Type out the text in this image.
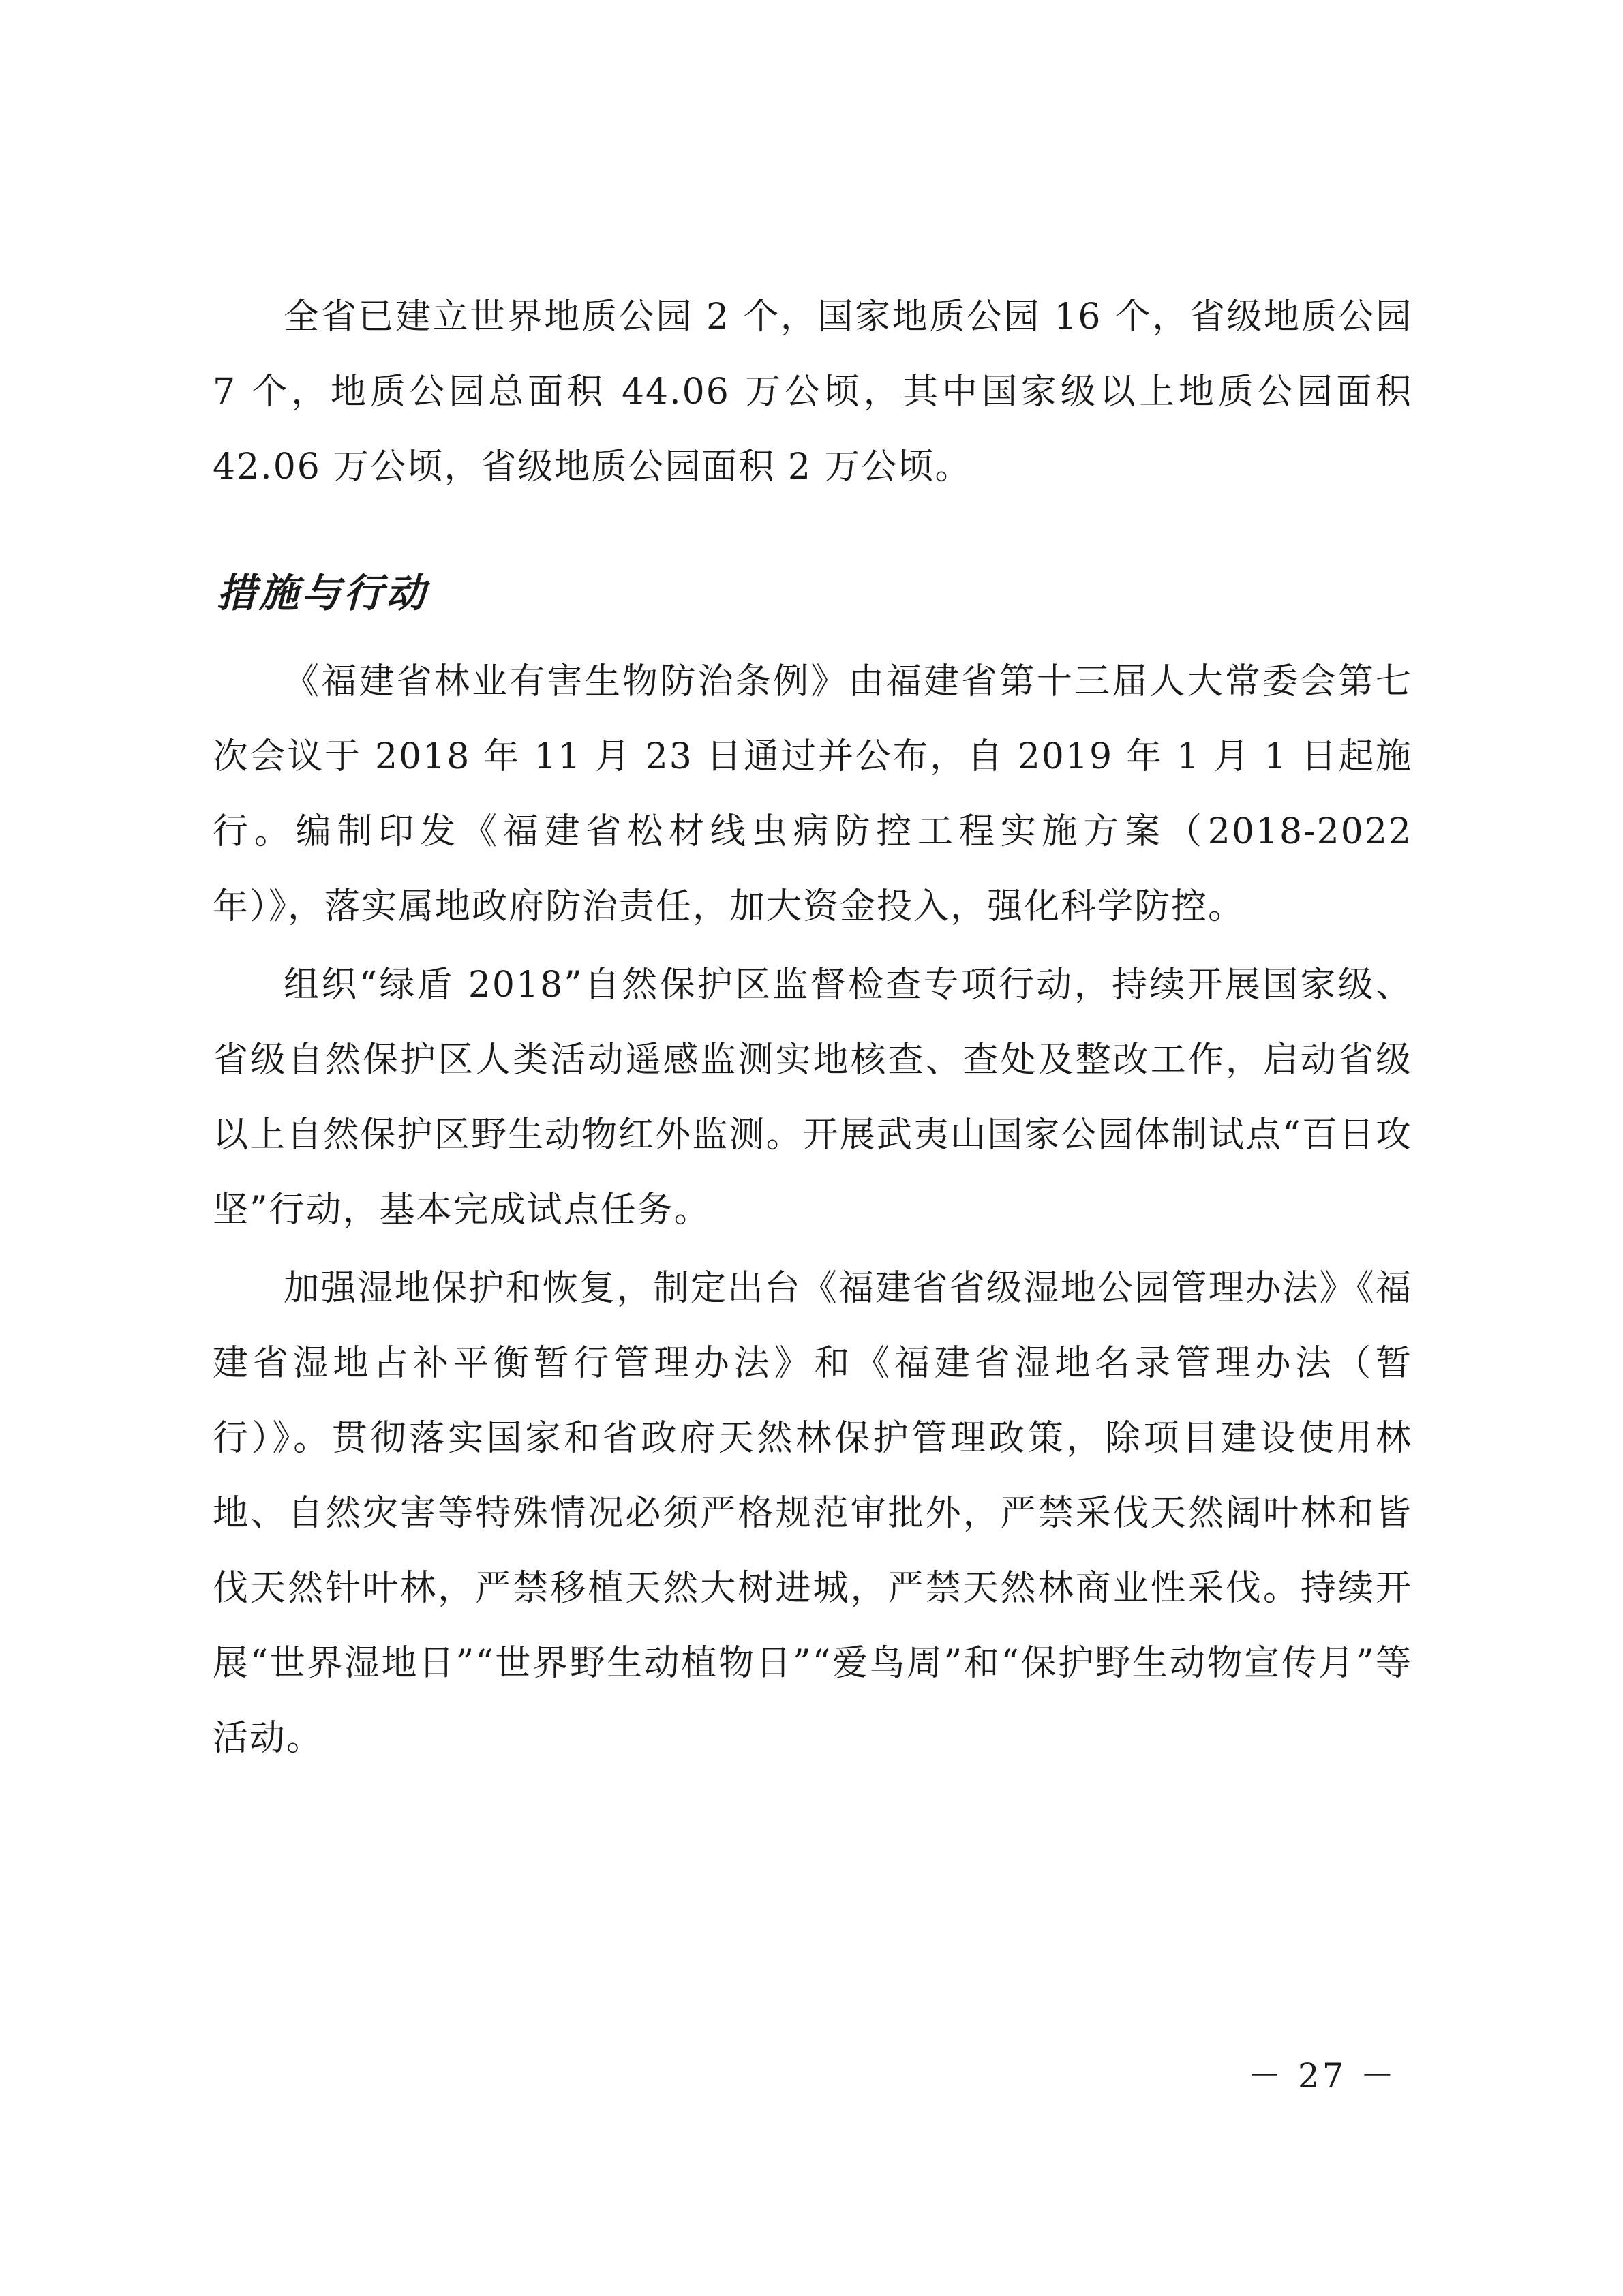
全省已建立世界地质公园 2 个，国家地质公园 16 个，省级地质公园 7 个，地质公园总面积 44.06 万公顷，其中国家级以上地质公园面积 42.06 万公顷，省级地质公园面积 2 万公顷。

措施与行动

《福建省林业有害生物防治条例》由福建省第十三届人大常委会第七次会议于 2018 年 11 月 23 日通过并公布，自 2019 年 1 月 1 日起施行。编制印发《福建省松材线虫病防控工程实施方案（2018-2022 年）》，落实属地政府防治责任，加大资金投入，强化科学防控。

组织“绿盾 2018”自然保护区监督检查专项行动，持续开展国家级、省级自然保护区人类活动遥感监测实地核查、查处及整改工作，启动省级以上自然保护区野生动物红外监测。开展武夷山国家公园体制试点“百日攻坚”行动，基本完成试点任务。

加强湿地保护和恢复，制定出台《福建省省级湿地公园管理办法》《福建省湿地占补平衡暂行管理办法》和《福建省湿地名录管理办法（暂行）》。贯彻落实国家和省政府天然林保护管理政策，除项目建设使用林地、自然灾害等特殊情况必须严格规范审批外，严禁采伐天然阔叶林和皆伐天然针叶林，严禁移植天然大树进城，严禁天然林商业性采伐。持续开展“世界湿地日”“世界野生动植物日”“爱鸟周”和“保护野生动物宣传月”等活动。

－ 27 －
